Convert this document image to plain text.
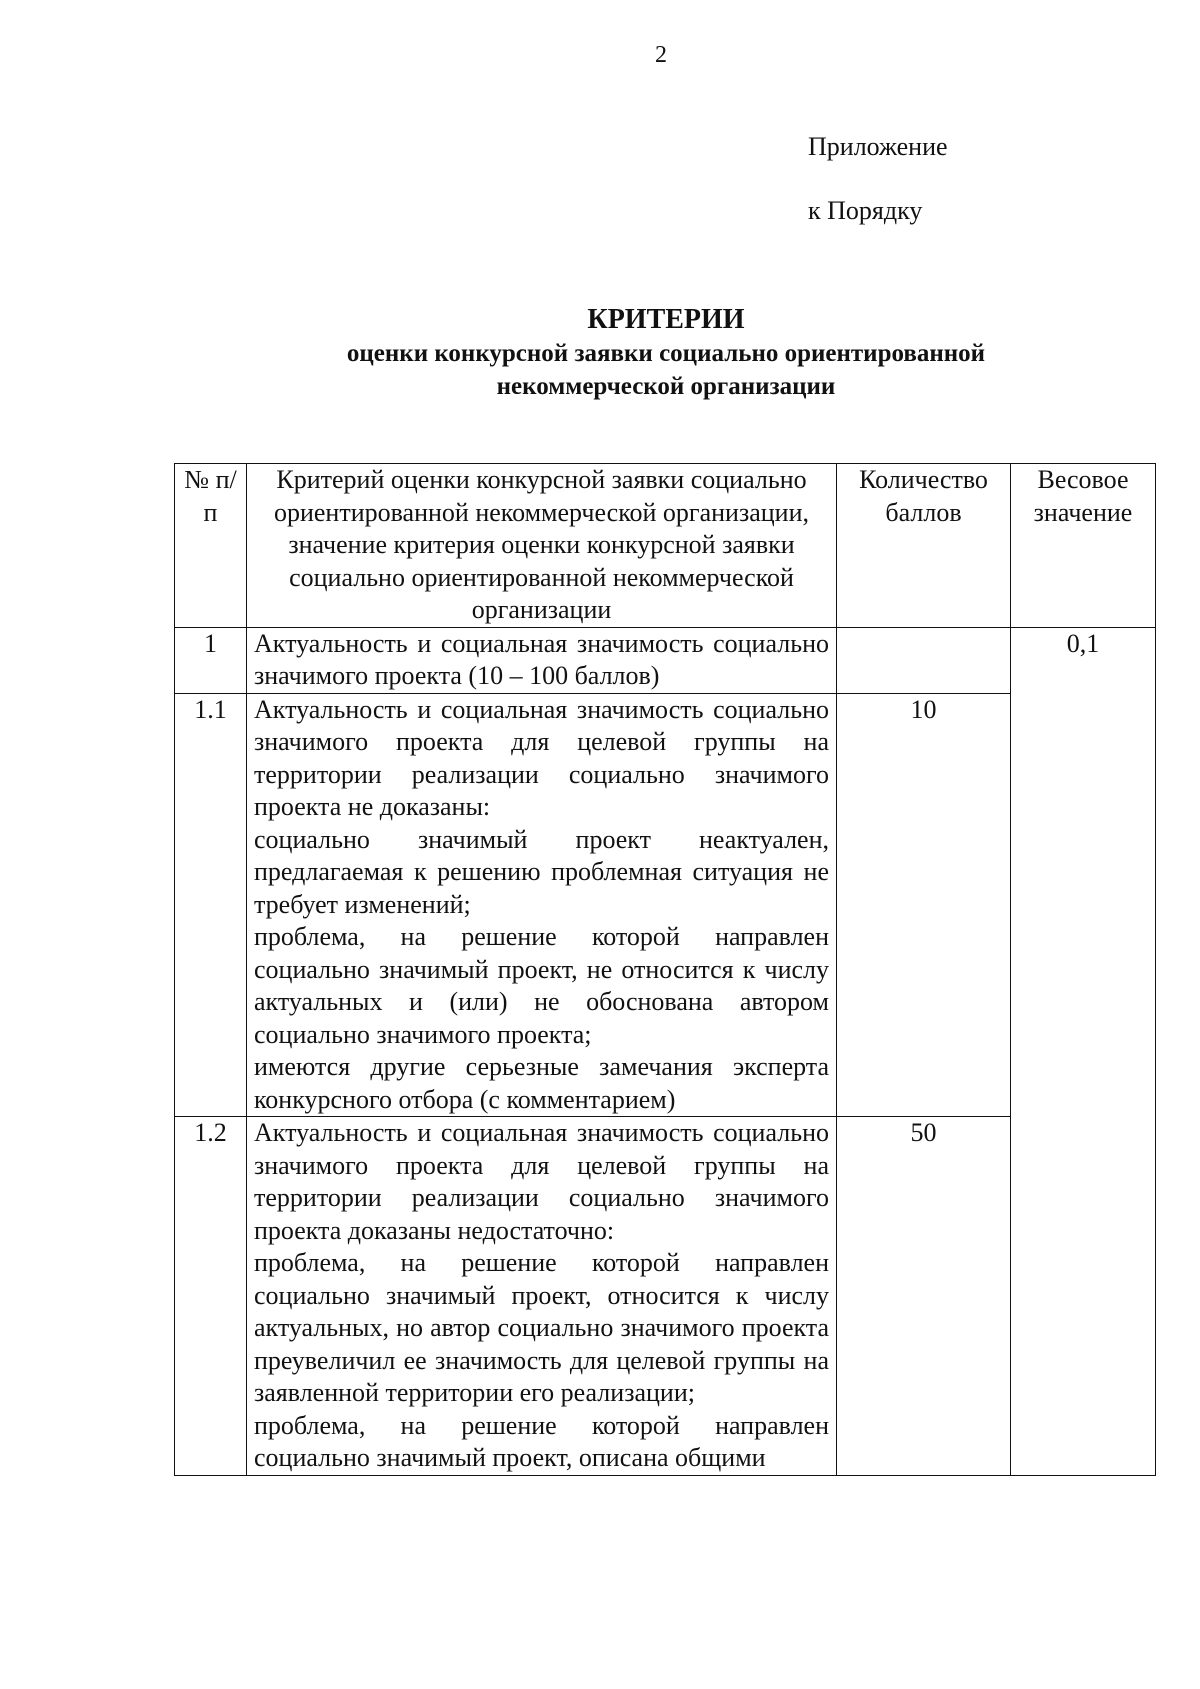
2
Приложение
к Порядку
КРИТЕРИИ
оценки конкурсной заявки социально ориентированной
некоммерческой организации
№ п/п	Критерий оценки конкурсной заявки социально ориентированной некоммерческой организации, значение критерия оценки конкурсной заявки социально ориентированной некоммерческой организации	Количество баллов	Весовое значение
1	Актуальность и социальная значимость социально значимого проекта (10 – 100 баллов)		0,1
1.1	Актуальность и социальная значимость социально значимого проекта для целевой группы на территории реализации социально значимого проекта не доказаны:
социально значимый проект неактуален, предлагаемая к решению проблемная ситуация не требует изменений;
проблема, на решение которой направлен социально значимый проект, не относится к числу актуальных и (или) не обоснована автором социально значимого проекта;
имеются другие серьезные замечания эксперта конкурсного отбора (с комментарием)	10	
1.2	Актуальность и социальная значимость социально значимого проекта для целевой группы на территории реализации социально значимого проекта доказаны недостаточно:
проблема, на решение которой направлен социально значимый проект, относится к числу актуальных, но автор социально значимого проекта преувеличил ее значимость для целевой группы на заявленной территории его реализации;
проблема, на решение которой направлен социально значимый проект, описана общими	50	
